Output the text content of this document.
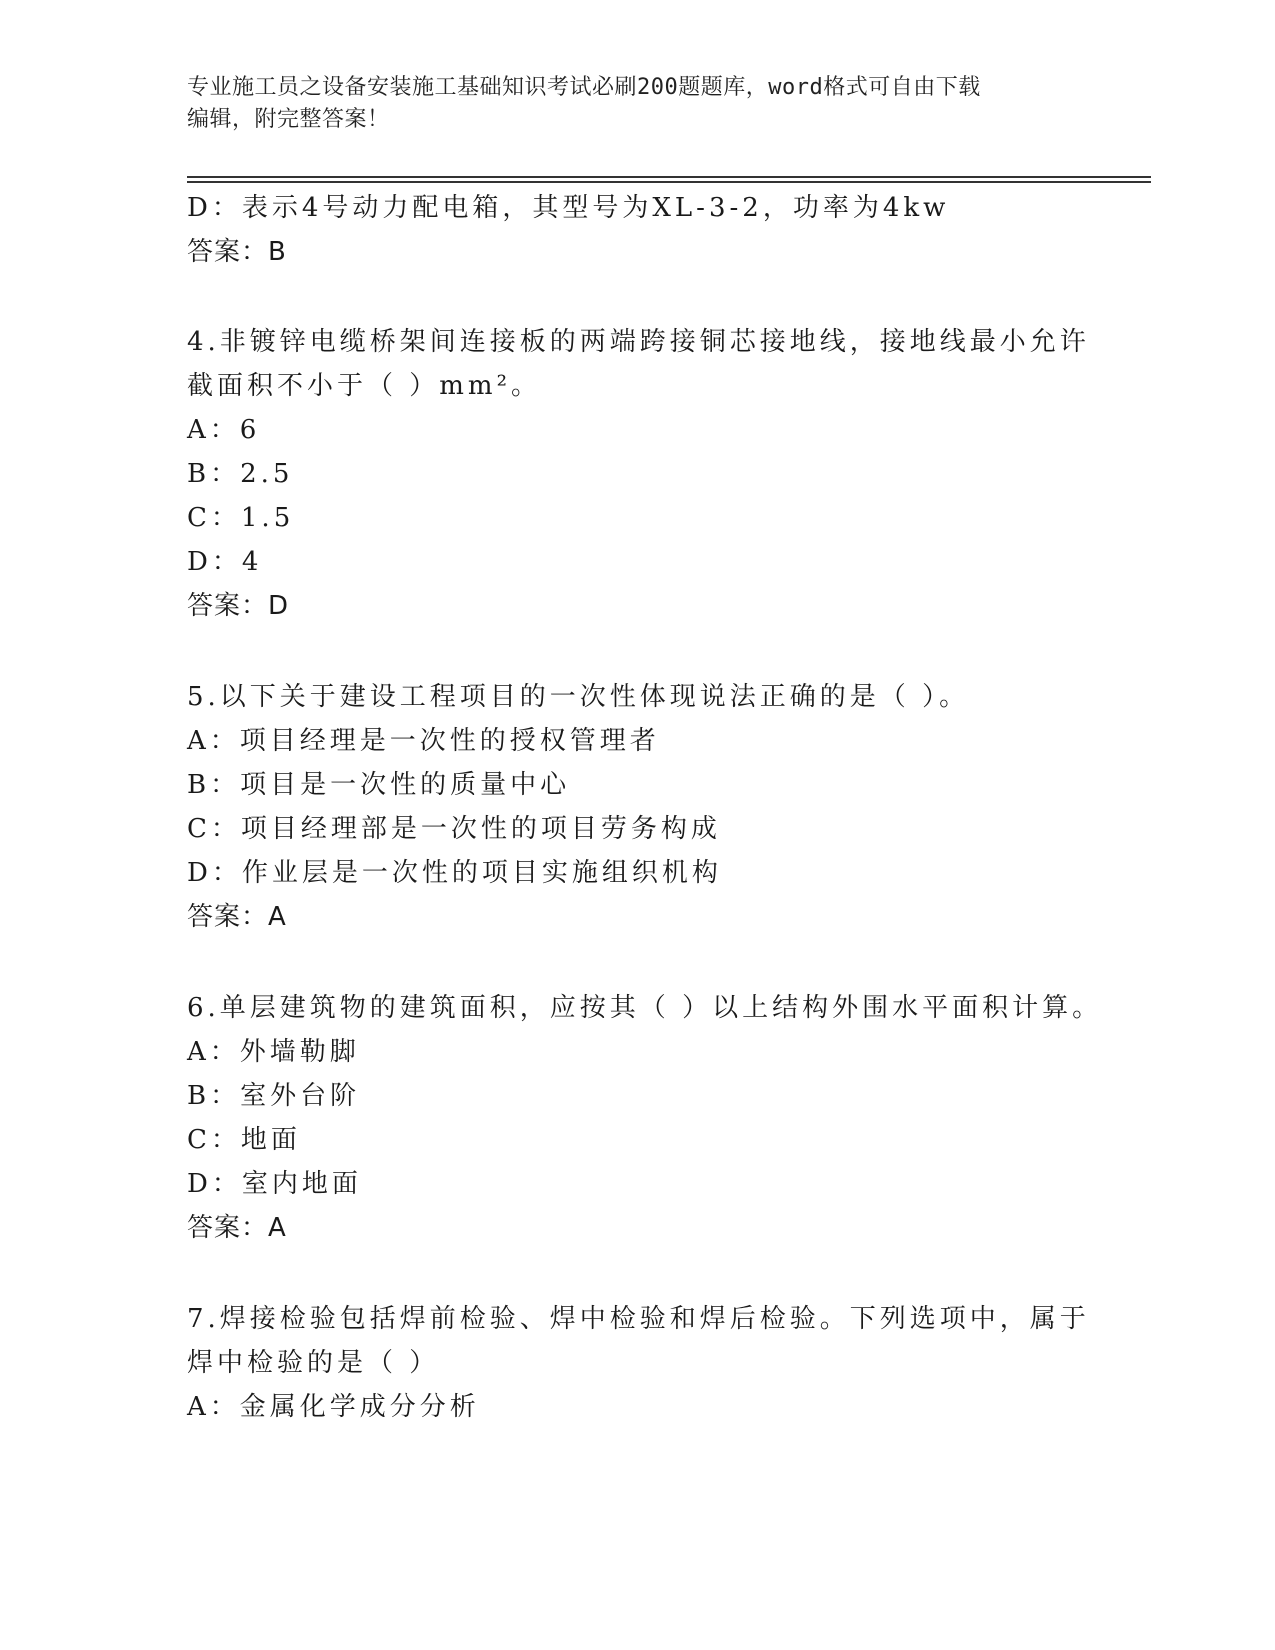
专业施工员之设备安装施工基础知识考试必刷200题题库，word格式可自由下载
编辑，附完整答案！
D：表示4号动力配电箱，其型号为XL-3-2，功率为4kw
答案：B
4.非镀锌电缆桥架间连接板的两端跨接铜芯接地线，接地线最小允许
截面积不小于（ ）mm²。
A：6
B：2.5
C：1.5
D：4
答案：D
5.以下关于建设工程项目的一次性体现说法正确的是（ ）。
A：项目经理是一次性的授权管理者
B：项目是一次性的质量中心
C：项目经理部是一次性的项目劳务构成
D：作业层是一次性的项目实施组织机构
答案：A
6.单层建筑物的建筑面积，应按其（ ）以上结构外围水平面积计算。
A：外墙勒脚
B：室外台阶
C：地面
D：室内地面
答案：A
7.焊接检验包括焊前检验、焊中检验和焊后检验。下列选项中，属于
焊中检验的是（ ）
A：金属化学成分分析
